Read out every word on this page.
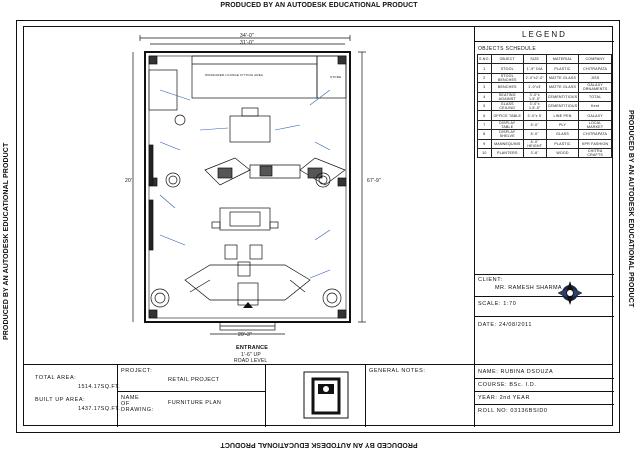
PRODUCED BY AN AUTODESK EDUCATIONAL PRODUCT
PRODUCED BY AN AUTODESK EDUCATIONAL PRODUCT
PRODUCED BY AN AUTODESK EDUCATIONAL PRODUCT	PRODUCED BY AN AUTODESK EDUCATIONAL PRODUCT
34'-0"
31'-0"
67'-9"
20'
20'-3"
WORKARER LOUNGE FITTING AREA	STORE
ENTRANCE
1'-6" UP
ROAD LEVEL
LEGEND
OBJECTS SCHEDULE
S.NO.	OBJECT	SIZE	MATERIAL	COMPANY
1	STOOL	1'-9" DIA	PLASTIC	CHITRAPATA
2	STOOL BENCHES	2'-0"x2'-0"	MATTE GLASS	JISS
3	BENCHES	1'-0"x3'	MATTE GLASS	GALAXY ORNAMENTS
4	SEATING AGAINST	3'-0"x 1.5'-0"	CEMENTITIOUS	TOTAL
5	GLASS CEILING	3'-0"x 1.5'-0"	CEMENTITIOUS	Kent
6	OFFICE TABLE	3'-0"x 5'	LINE PEN	GALAXY
7	DISPLAY TABLE	5'-0"	PLY	LOCAL MARKET
8	DISPLAY SHELVE	6'-0"	GLASS	CHITRAPATA
9	MANNEQUINS	6'-0" HEIGHT	PLASTIC	KPR FASHION
10	PLANTERS	3'-6"	WOOD	CHITRA CRAFTS
CLIENT:
MR. RAMESH SHARMA
SCALE: 1:70
DATE: 24/08/2011
TOTAL AREA:
1514.17SQ.FT.
BUILT UP AREA:
1437.17SQ.FT.
PROJECT:
RETAIL PROJECT
NAME OF DRAWING:
FURNITURE PLAN
GENERAL NOTES:	NAME: RUBINA DSOUZA
COURSE: BSc. I.D.
YEAR: 2nd YEAR
ROLL NO: 03136BSID0
